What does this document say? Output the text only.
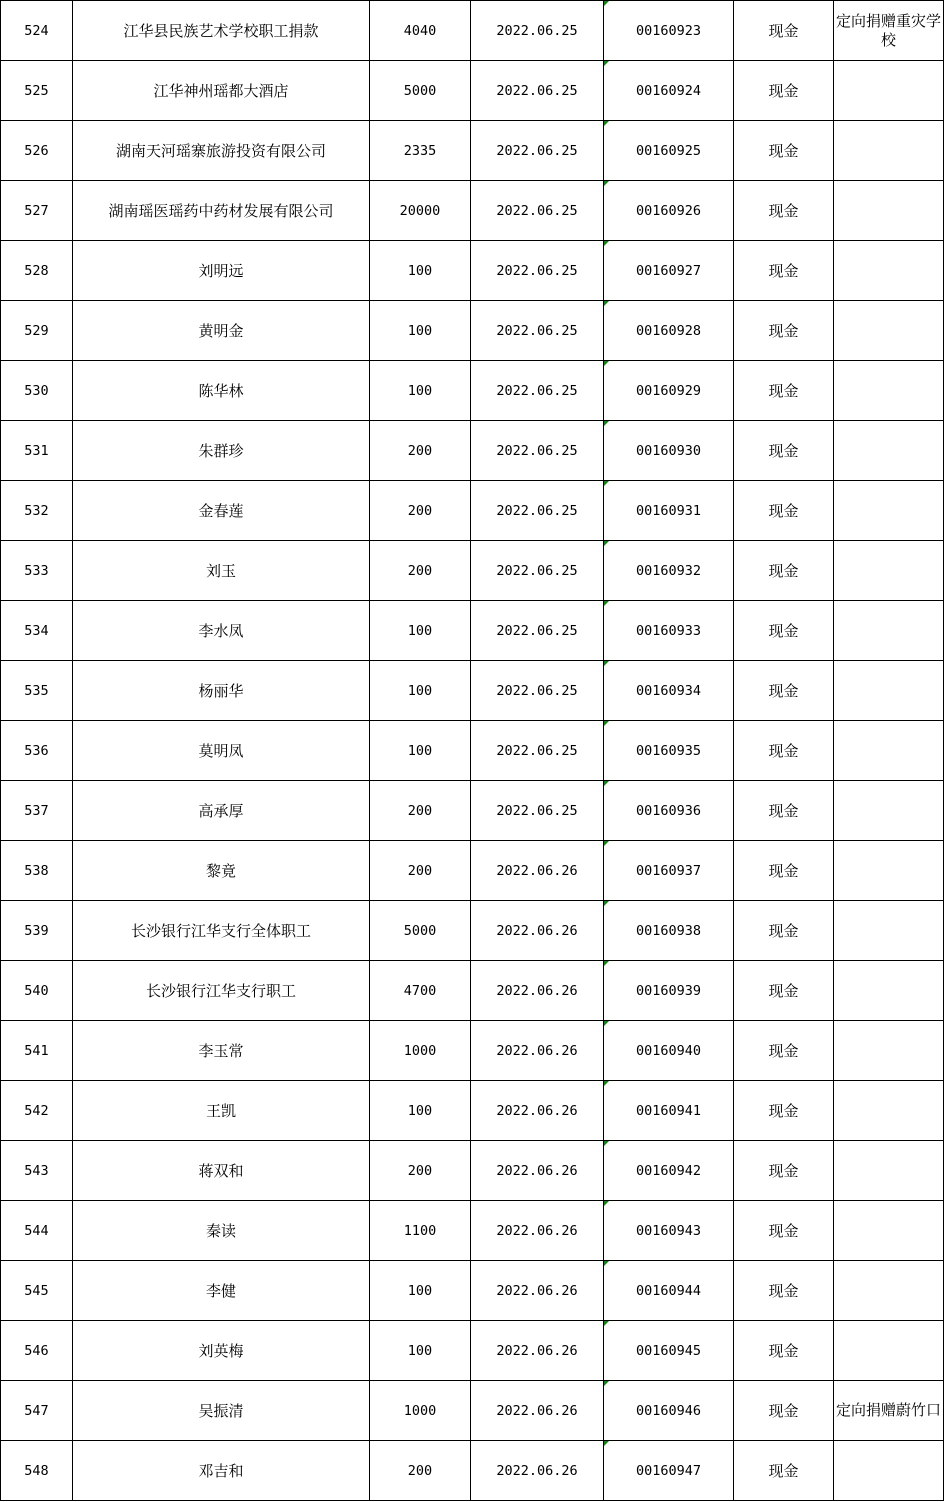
524	江华县民族艺术学校职工捐款	4040	2022.06.25	00160923	现金	定向捐赠重灾学校
525	江华神州瑶都大酒店	5000	2022.06.25	00160924	现金	
526	湖南天河瑶寨旅游投资有限公司	2335	2022.06.25	00160925	现金	
527	湖南瑶医瑶药中药材发展有限公司	20000	2022.06.25	00160926	现金	
528	刘明远	100	2022.06.25	00160927	现金	
529	黄明金	100	2022.06.25	00160928	现金	
530	陈华林	100	2022.06.25	00160929	现金	
531	朱群珍	200	2022.06.25	00160930	现金	
532	金春莲	200	2022.06.25	00160931	现金	
533	刘玉	200	2022.06.25	00160932	现金	
534	李水凤	100	2022.06.25	00160933	现金	
535	杨丽华	100	2022.06.25	00160934	现金	
536	莫明凤	100	2022.06.25	00160935	现金	
537	高承厚	200	2022.06.25	00160936	现金	
538	黎竟	200	2022.06.26	00160937	现金	
539	长沙银行江华支行全体职工	5000	2022.06.26	00160938	现金	
540	长沙银行江华支行职工	4700	2022.06.26	00160939	现金	
541	李玉常	1000	2022.06.26	00160940	现金	
542	王凯	100	2022.06.26	00160941	现金	
543	蒋双和	200	2022.06.26	00160942	现金	
544	秦读	1100	2022.06.26	00160943	现金	
545	李健	100	2022.06.26	00160944	现金	
546	刘英梅	100	2022.06.26	00160945	现金	
547	吴振清	1000	2022.06.26	00160946	现金	定向捐赠蔚竹口
548	邓吉和	200	2022.06.26	00160947	现金	
